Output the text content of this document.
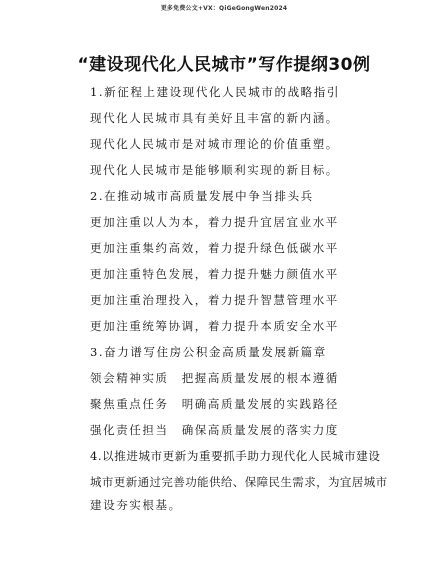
更多免费公文+VX：QiGeGongWen2024
“建设现代化人民城市”写作提纲30例
1.新征程上建设现代化人民城市的战略指引
现代化人民城市具有美好且丰富的新内涵。
现代化人民城市是对城市理论的价值重塑。
现代化人民城市是能够顺利实现的新目标。
2.在推动城市高质量发展中争当排头兵
更加注重以人为本，着力提升宜居宜业水平
更加注重集约高效，着力提升绿色低碳水平
更加注重特色发展，着力提升魅力颜值水平
更加注重治理投入，着力提升智慧管理水平
更加注重统筹协调，着力提升本质安全水平
3.奋力谱写住房公积金高质量发展新篇章
领会精神实质　把握高质量发展的根本遵循
聚焦重点任务　明确高质量发展的实践路径
强化责任担当　确保高质量发展的落实力度
4.以推进城市更新为重要抓手助力现代化人民城市建设
城市更新通过完善功能供给、保障民生需求，为宜居城市
建设夯实根基。
